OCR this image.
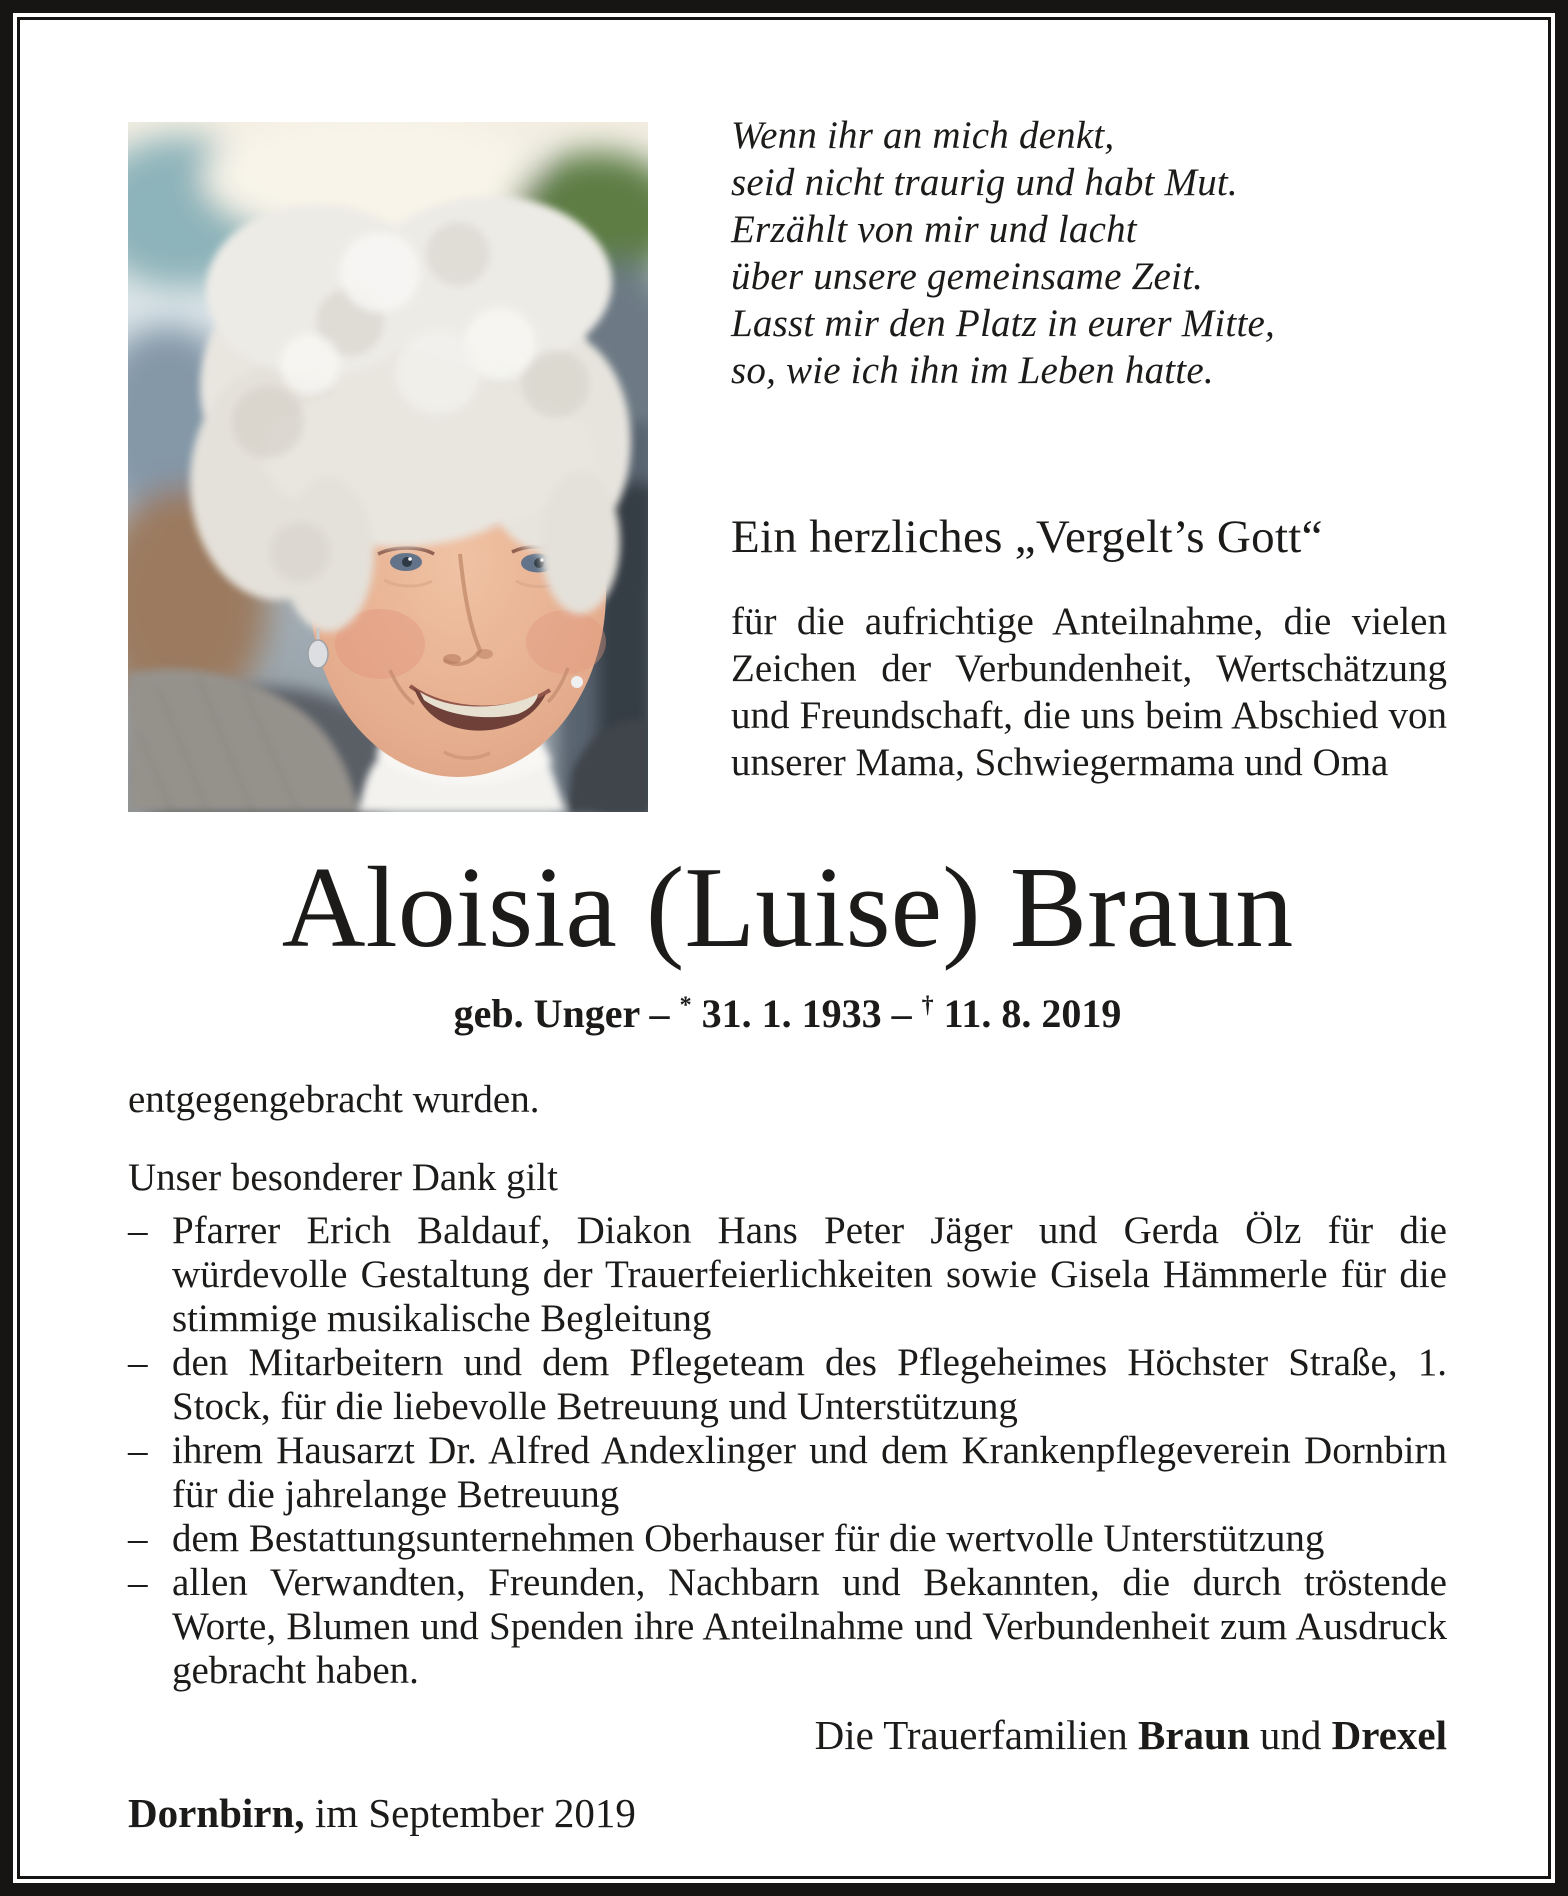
Wenn ihr an mich denkt,
seid nicht traurig und habt Mut.
Erzählt von mir und lacht
über unsere gemeinsame Zeit.
Lasst mir den Platz in eurer Mitte,
so, wie ich ihn im Leben hatte.
Ein herzliches „Vergelt’s Gott“
für die aufrichtige Anteilnahme, die vielen Zeichen der Verbundenheit, Wertschätzung und Freundschaft, die uns beim Abschied von unserer Mama, Schwiegermama und Oma
Aloisia (Luise) Braun
geb. Unger – * 31. 1. 1933 – † 11. 8. 2019
entgegengebracht wurden.
Unser besonderer Dank gilt
– Pfarrer Erich Baldauf, Diakon Hans Peter Jäger und Gerda Ölz für die würdevolle Gestaltung der Trauerfeierlichkeiten sowie Gisela Hämmerle für die stimmige musikalische Begleitung
– den Mitarbeitern und dem Pflegeteam des Pflegeheimes Höchster Straße, 1. Stock, für die liebevolle Betreuung und Unterstützung
– ihrem Hausarzt Dr. Alfred Andexlinger und dem Krankenpflegeverein Dornbirn für die jahrelange Betreuung
– dem Bestattungsunternehmen Oberhauser für die wertvolle Unterstützung
– allen Verwandten, Freunden, Nachbarn und Bekannten, die durch tröstende Worte, Blumen und Spenden ihre Anteilnahme und Verbundenheit zum Ausdruck gebracht haben.
Die Trauerfamilien Braun und Drexel
Dornbirn, im September 2019
